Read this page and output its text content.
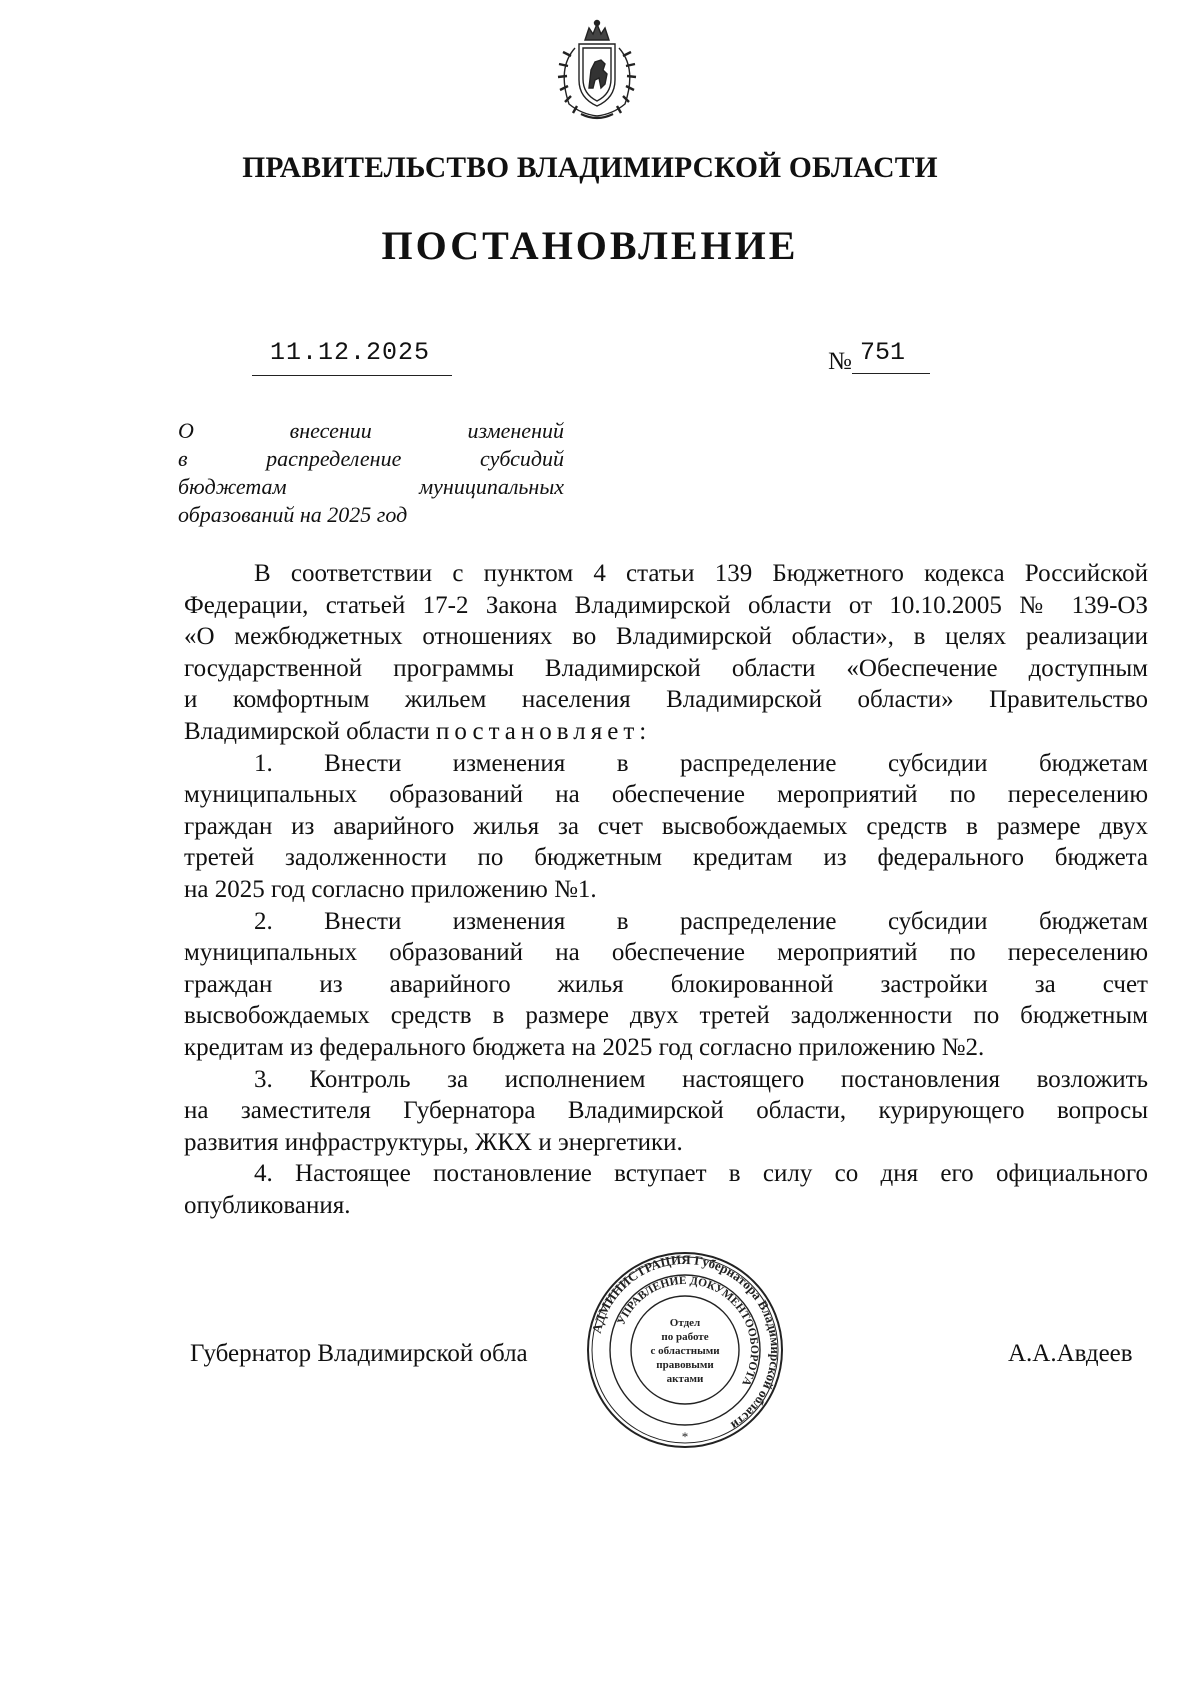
ПРАВИТЕЛЬСТВО ВЛАДИМИРСКОЙ ОБЛАСТИ
ПОСТАНОВЛЕНИЕ
11.12.2025	№ 751
О внесении изменений
в распределение субсидий
бюджетам муниципальных
образований на 2025 год
В соответствии с пунктом 4 статьи 139 Бюджетного кодекса Российской
Федерации, статьей 17-2 Закона Владимирской области от 10.10.2005 № 139-ОЗ
«О межбюджетных отношениях во Владимирской области», в целях реализации
государственной программы Владимирской области «Обеспечение доступным
и комфортным жильем населения Владимирской области» Правительство
Владимирской области постановляет:
1. Внести изменения в распределение субсидии бюджетам
муниципальных образований на обеспечение мероприятий по переселению
граждан из аварийного жилья за счет высвобождаемых средств в размере двух
третей задолженности по бюджетным кредитам из федерального бюджета
на 2025 год согласно приложению №1.
2. Внести изменения в распределение субсидии бюджетам
муниципальных образований на обеспечение мероприятий по переселению
граждан из аварийного жилья блокированной застройки за счет
высвобождаемых средств в размере двух третей задолженности по бюджетным
кредитам из федерального бюджета на 2025 год согласно приложению №2.
3. Контроль за исполнением настоящего постановления возложить
на заместителя Губернатора Владимирской области, курирующего вопросы
развития инфраструктуры, ЖКХ и энергетики.
4. Настоящее постановление вступает в силу со дня его официального
опубликования.
Губернатор Владимирской обла	А.А.Авдеев
АДМИНИСТРАЦИЯ Губернатора Владимирской области
УПРАВЛЕНИЕ ДОКУМЕНТООБОРОТА
Отдел
по работе
с областными
правовыми
актами
*
